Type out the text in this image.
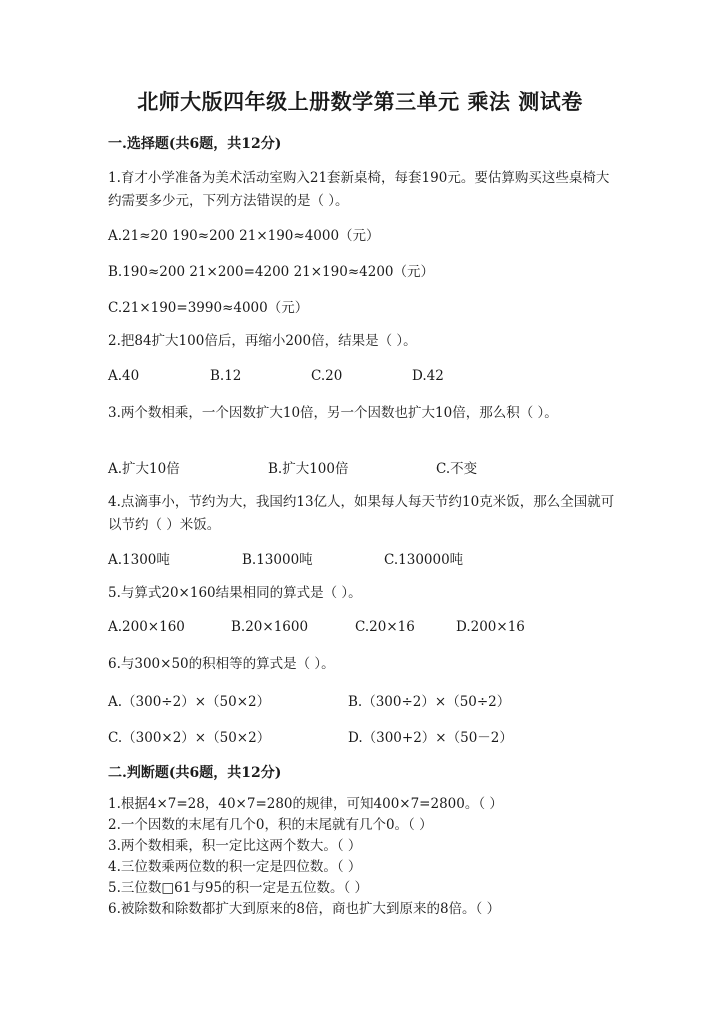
北师大版四年级上册数学第三单元 乘法 测试卷
一.选择题(共6题，共12分)
1.育才小学准备为美术活动室购入21套新桌椅，每套190元。要估算购买这些桌椅大约需要多少元，下列方法错误的是（ ）。
A.21≈20 190≈200 21×190≈4000（元）
B.190≈200 21×200=4200 21×190≈4200（元）
C.21×190=3990≈4000（元）
2.把84扩大100倍后，再缩小200倍，结果是（ ）。
A.40	B.12	C.20	D.42
3.两个数相乘，一个因数扩大10倍，另一个因数也扩大10倍，那么积（ ）。
A.扩大10倍	B.扩大100倍	C.不变
4.点滴事小，节约为大，我国约13亿人，如果每人每天节约10克米饭，那么全国就可以节约（ ）米饭。
A.1300吨	B.13000吨	C.130000吨
5.与算式20×160结果相同的算式是（ ）。
A.200×160	B.20×1600	C.20×16	D.200×16
6.与300×50的积相等的算式是（ ）。
A.（300÷2）×（50×2）	B.（300÷2）×（50÷2）
C.（300×2）×（50×2）	D.（300+2）×（50－2）
二.判断题(共6题，共12分)
1.根据4×7=28，40×7=280的规律，可知400×7=2800。（ ）
2.一个因数的末尾有几个0，积的末尾就有几个0。（ ）
3.两个数相乘，积一定比这两个数大。（ ）
4.三位数乘两位数的积一定是四位数。（ ）
5.三位数□61与95的积一定是五位数。（ ）
6.被除数和除数都扩大到原来的8倍，商也扩大到原来的8倍。（ ）
